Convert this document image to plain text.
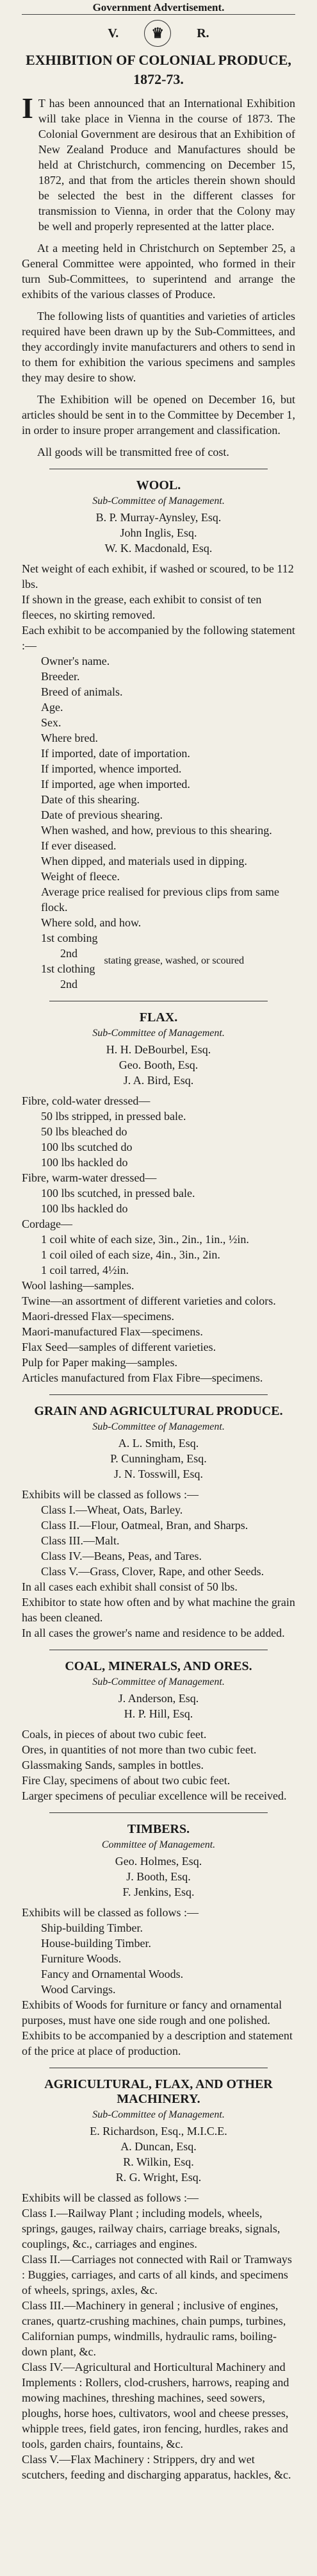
Government Advertisement.
V.	♛	R.
EXHIBITION OF COLONIAL PRODUCE, 1872-73.
I T has been announced that an International Exhibition will take place in Vienna in the course of 1873. The Colonial Government are desirous that an Exhibition of New Zealand Produce and Manufactures should be held at Christchurch, commencing on December 15, 1872, and that from the articles therein shown should be selected the best in the different classes for transmission to Vienna, in order that the Colony may be well and properly represented at the latter place.

At a meeting held in Christchurch on September 25, a General Committee were appointed, who formed in their turn Sub-Committees, to superintend and arrange the exhibits of the various classes of Produce.

The following lists of quantities and varieties of articles required have been drawn up by the Sub-Committees, and they accordingly invite manufacturers and others to send in to them for exhibition the various specimens and samples they may desire to show.

The Exhibition will be opened on December 16, but articles should be sent in to the Committee by December 1, in order to insure proper arrangement and classification.

All goods will be transmitted free of cost.

WOOL.
Sub-Committee of Management.

B. P. Murray-Aynsley, Esq.

John Inglis, Esq.

W. K. Macdonald, Esq.

Net weight of each exhibit, if washed or scoured, to be 112 lbs.

If shown in the grease, each exhibit to consist of ten fleeces, no skirting removed.

Each exhibit to be accompanied by the following statement :—

Owner's name.

Breeder.

Breed of animals.

Age.

Sex.

Where bred.

If imported, date of importation.

If imported, whence imported.

If imported, age when imported.

Date of this shearing.

Date of previous shearing.

When washed, and how, previous to this shearing.

If ever diseased.

When dipped, and materials used in dipping.

Weight of fleece.

Average price realised for previous clips from same flock.

Where sold, and how.

1st combing

2nd

1st clothing

2nd

stating grease, washed, or scoured
FLAX.
Sub-Committee of Management.

H. H. DeBourbel, Esq.

Geo. Booth, Esq.

J. A. Bird, Esq.

Fibre, cold-water dressed—

50 lbs stripped, in pressed bale.

50 lbs bleached do

100 lbs scutched do

100 lbs hackled do

Fibre, warm-water dressed—

100 lbs scutched, in pressed bale.

100 lbs hackled do

Cordage—

1 coil white of each size, 3in., 2in., 1in., ½in.

1 coil oiled of each size, 4in., 3in., 2in.

1 coil tarred, 4½in.

Wool lashing—samples.

Twine—an assortment of different varieties and colors.

Maori-dressed Flax—specimens.

Maori-manufactured Flax—specimens.

Flax Seed—samples of different varieties.

Pulp for Paper making—samples.

Articles manufactured from Flax Fibre—specimens.

GRAIN AND AGRICULTURAL PRODUCE.
Sub-Committee of Management.

A. L. Smith, Esq.

P. Cunningham, Esq.

J. N. Tosswill, Esq.

Exhibits will be classed as follows :—

Class I.—Wheat, Oats, Barley.

Class II.—Flour, Oatmeal, Bran, and Sharps.

Class III.—Malt.

Class IV.—Beans, Peas, and Tares.

Class V.—Grass, Clover, Rape, and other Seeds.

In all cases each exhibit shall consist of 50 lbs.

Exhibitor to state how often and by what machine the grain has been cleaned.

In all cases the grower's name and residence to be added.

COAL, MINERALS, AND ORES.
Sub-Committee of Management.

J. Anderson, Esq.

H. P. Hill, Esq.

Coals, in pieces of about two cubic feet.

Ores, in quantities of not more than two cubic feet.

Glassmaking Sands, samples in bottles.

Fire Clay, specimens of about two cubic feet.

Larger specimens of peculiar excellence will be received.

TIMBERS.
Committee of Management.

Geo. Holmes, Esq.

J. Booth, Esq.

F. Jenkins, Esq.

Exhibits will be classed as follows :—

Ship-building Timber.

House-building Timber.

Furniture Woods.

Fancy and Ornamental Woods.

Wood Carvings.

Exhibits of Woods for furniture or fancy and ornamental purposes, must have one side rough and one polished.

Exhibits to be accompanied by a description and statement of the price at place of production.

AGRICULTURAL, FLAX, AND OTHER MACHINERY.
Sub-Committee of Management.

E. Richardson, Esq., M.I.C.E.

A. Duncan, Esq.

R. Wilkin, Esq.

R. G. Wright, Esq.

Exhibits will be classed as follows :—

Class I.—Railway Plant ; including models, wheels, springs, gauges, railway chairs, carriage breaks, signals, couplings, &c., carriages and engines.

Class II.—Carriages not connected with Rail or Tramways : Buggies, carriages, and carts of all kinds, and specimens of wheels, springs, axles, &c.

Class III.—Machinery in general ; inclusive of engines, cranes, quartz-crushing machines, chain pumps, turbines, Californian pumps, windmills, hydraulic rams, boiling-down plant, &c.

Class IV.—Agricultural and Horticultural Machinery and Implements : Rollers, clod-crushers, harrows, reaping and mowing machines, threshing machines, seed sowers, ploughs, horse hoes, cultivators, wool and cheese presses, whipple trees, field gates, iron fencing, hurdles, rakes and tools, garden chairs, fountains, &c.

Class V.—Flax Machinery : Strippers, dry and wet scutchers, feeding and discharging apparatus, hackles, &c.
